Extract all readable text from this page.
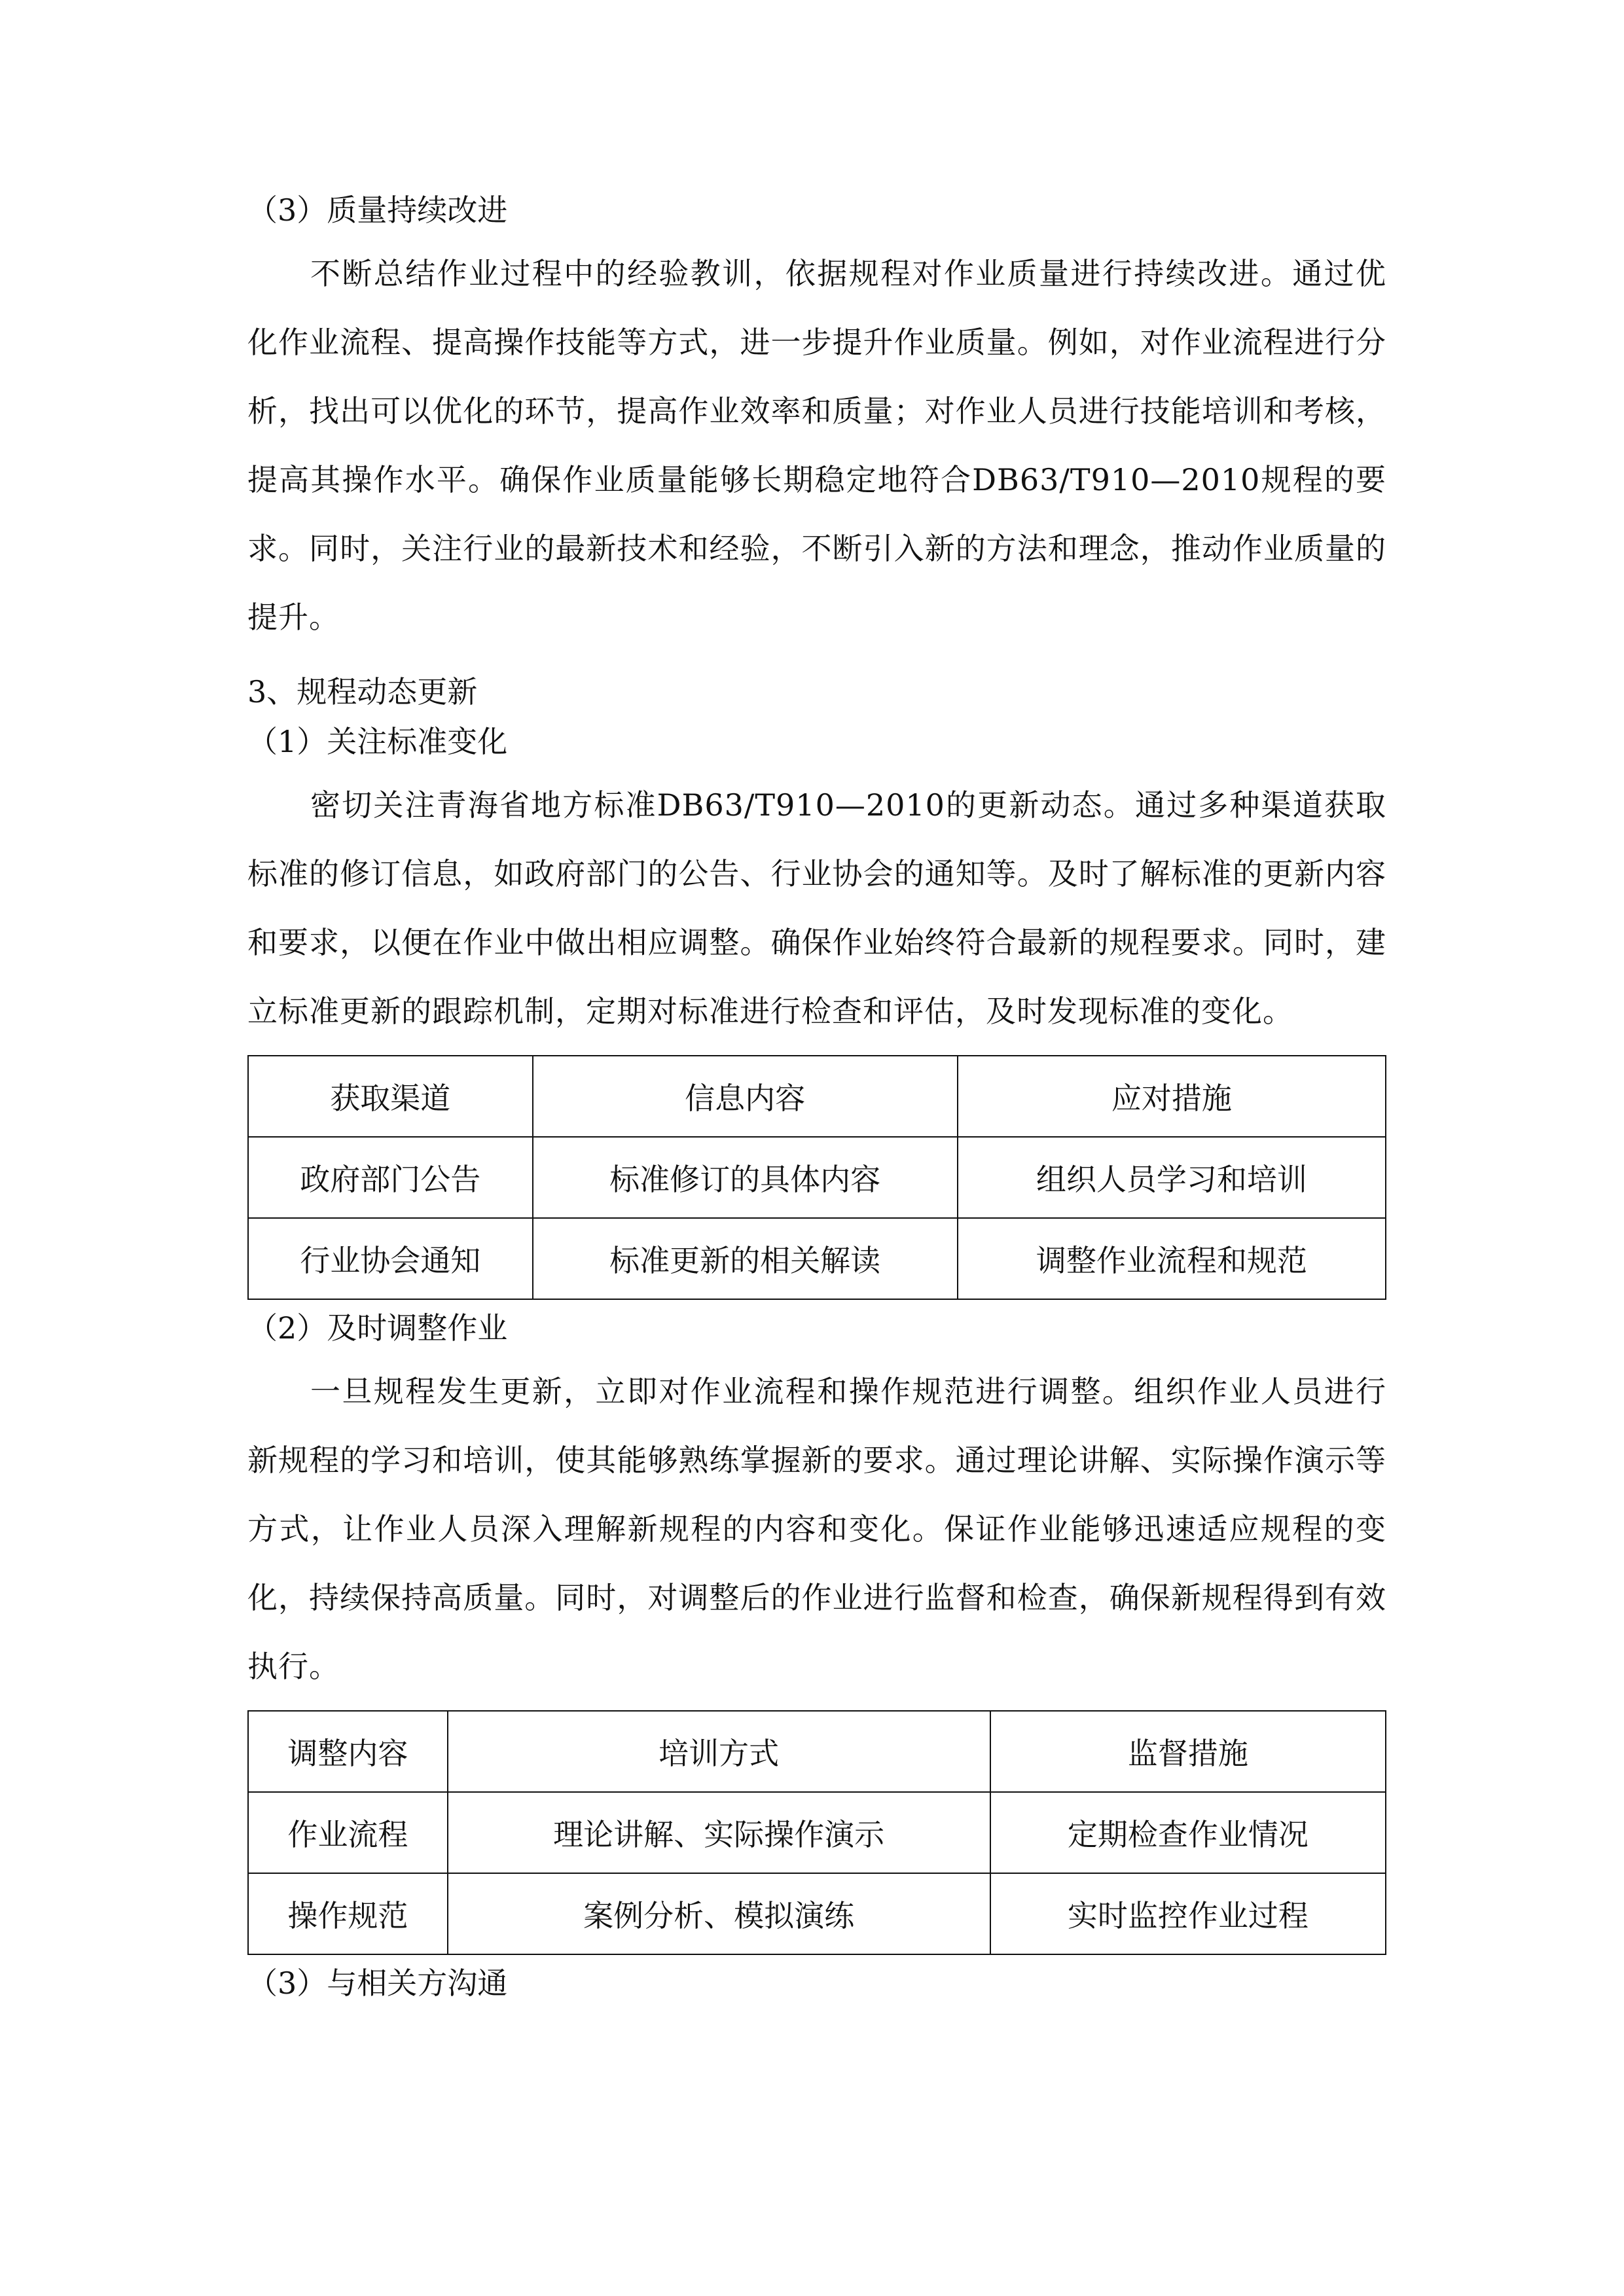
（3）质量持续改进

不断总结作业过程中的经验教训，依据规程对作业质量进行持续改进。通过优化作业流程、提高操作技能等方式，进一步提升作业质量。例如，对作业流程进行分析，找出可以优化的环节，提高作业效率和质量；对作业人员进行技能培训和考核，提高其操作水平。确保作业质量能够长期稳定地符合DB63/T910—2010规程的要求。同时，关注行业的最新技术和经验，不断引入新的方法和理念，推动作业质量的提升。

3、规程动态更新
（1）关注标准变化

密切关注青海省地方标准DB63/T910—2010的更新动态。通过多种渠道获取标准的修订信息，如政府部门的公告、行业协会的通知等。及时了解标准的更新内容和要求，以便在作业中做出相应调整。确保作业始终符合最新的规程要求。同时，建立标准更新的跟踪机制，定期对标准进行检查和评估，及时发现标准的变化。

获取渠道	信息内容	应对措施
政府部门公告	标准修订的具体内容	组织人员学习和培训
行业协会通知	标准更新的相关解读	调整作业流程和规范
（2）及时调整作业

一旦规程发生更新，立即对作业流程和操作规范进行调整。组织作业人员进行新规程的学习和培训，使其能够熟练掌握新的要求。通过理论讲解、实际操作演示等方式，让作业人员深入理解新规程的内容和变化。保证作业能够迅速适应规程的变化，持续保持高质量。同时，对调整后的作业进行监督和检查，确保新规程得到有效执行。

调整内容	培训方式	监督措施
作业流程	理论讲解、实际操作演示	定期检查作业情况
操作规范	案例分析、模拟演练	实时监控作业过程
（3）与相关方沟通
